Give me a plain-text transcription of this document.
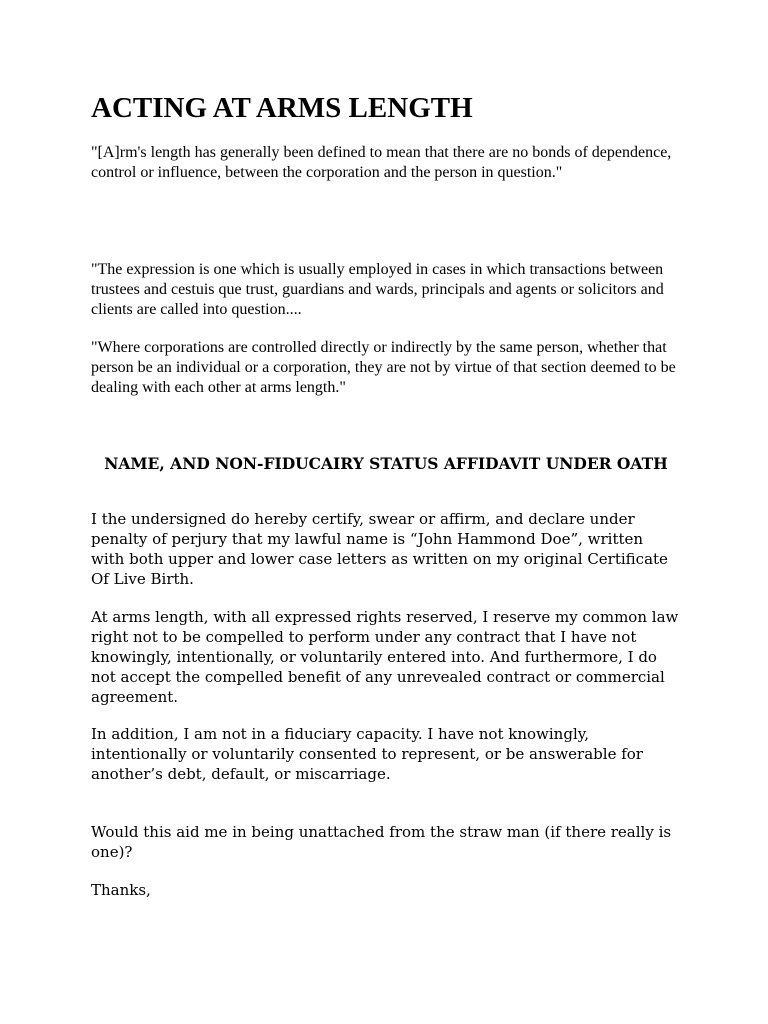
ACTING AT ARMS LENGTH

"[A]rm's length has generally been defined to mean that there are no bonds of dependence, control or influence, between the corporation and the person in question."

"The expression is one which is usually employed in cases in which transactions between trustees and cestuis que trust, guardians and wards, principals and agents or solicitors and clients are called into question....

"Where corporations are controlled directly or indirectly by the same person, whether that person be an individual or a corporation, they are not by virtue of that section deemed to be dealing with each other at arms length."

NAME, AND NON-FIDUCAIRY STATUS AFFIDAVIT UNDER OATH

I the undersigned do hereby certify, swear or affirm, and declare under penalty of perjury that my lawful name is “John Hammond Doe”, written with both upper and lower case letters as written on my original Certificate Of Live Birth.

At arms length, with all expressed rights reserved, I reserve my common law right not to be compelled to perform under any contract that I have not knowingly, intentionally, or voluntarily entered into. And furthermore, I do not accept the compelled benefit of any unrevealed contract or commercial agreement.

In addition, I am not in a fiduciary capacity. I have not knowingly, intentionally or voluntarily consented to represent, or be answerable for another’s debt, default, or miscarriage.

Would this aid me in being unattached from the straw man (if there really is one)?

Thanks,
